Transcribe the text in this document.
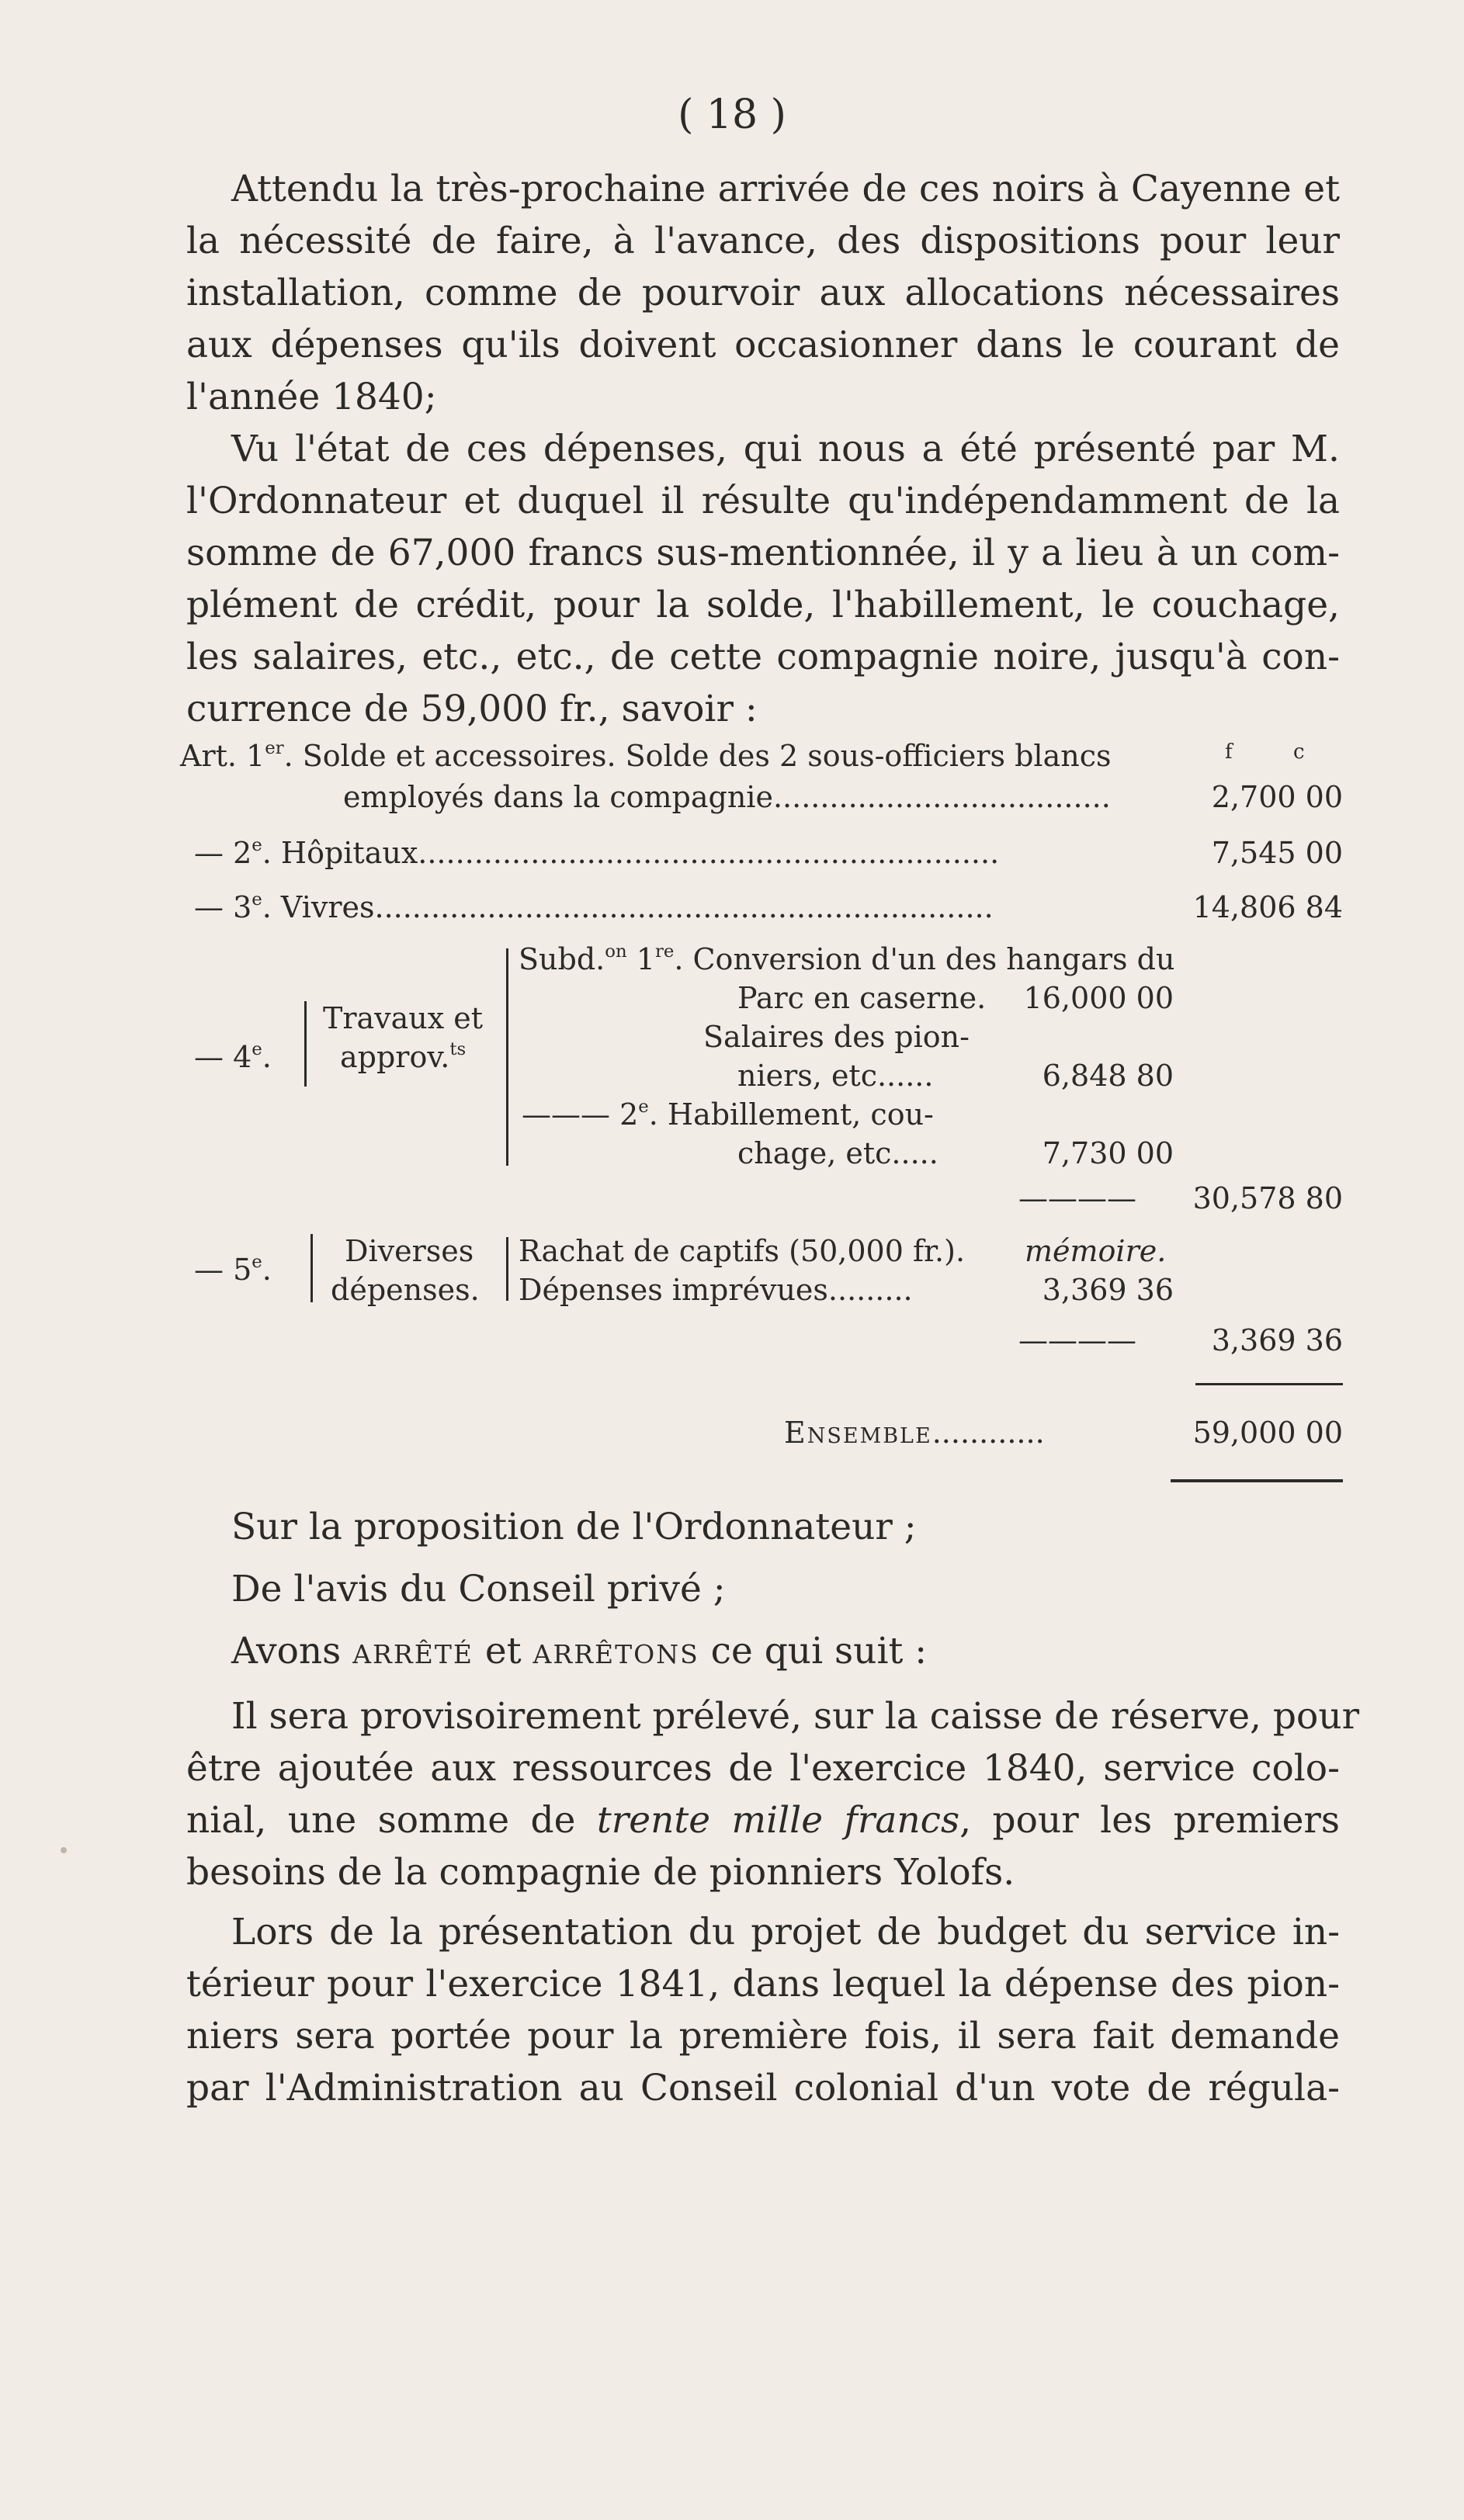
( 18 )
Attendu la très-prochaine arrivée de ces noirs à Cayenne et
la nécessité de faire, à l'avance, des dispositions pour leur
installation, comme de pourvoir aux allocations nécessaires
aux dépenses qu'ils doivent occasionner dans le courant de
l'année 1840;
Vu l'état de ces dépenses, qui nous a été présenté par M.
l'Ordonnateur et duquel il résulte qu'indépendamment de la
somme de 67,000 francs sus-mentionnée, il y a lieu à un com-
plément de crédit, pour la solde, l'habillement, le couchage,
les salaires, etc., etc., de cette compagnie noire, jusqu'à con-
currence de 59,000 fr., savoir :
f	c
Art. 1er. Solde et accessoires. Solde des 2 sous-officiers blancs
employés dans la compagnie....................................	2,700 00
— 2e. Hôpitaux..............................................................	7,545 00
— 3e. Vivres..................................................................	14,806 84
— 4e.
Travaux et
approv.$^{ts}$
Subd.$^{on}$ 1re. Conversion d'un des hangars du
Parc en caserne.	16,000 00
Salaires des pion-
niers, etc......	6,848 80
——— 2e. Habillement, cou-
chage, etc.....	7,730 00
————	30,578 80
— 5e.
Diverses
dépenses.
Rachat de captifs (50,000 fr.). mémoire.
Dépenses imprévues.........	3,369 36
————	3,369 36
Ensemble............	59,000 00
Sur la proposition de l'Ordonnateur ;
De l'avis du Conseil privé ;
Avons arrêté et arrêtons ce qui suit :
Il sera provisoirement prélevé, sur la caisse de réserve, pour
être ajoutée aux ressources de l'exercice 1840, service colo-
nial, une somme de trente mille francs, pour les premiers
besoins de la compagnie de pionniers Yolofs.
Lors de la présentation du projet de budget du service in-
térieur pour l'exercice 1841, dans lequel la dépense des pion-
niers sera portée pour la première fois, il sera fait demande
par l'Administration au Conseil colonial d'un vote de régula-
